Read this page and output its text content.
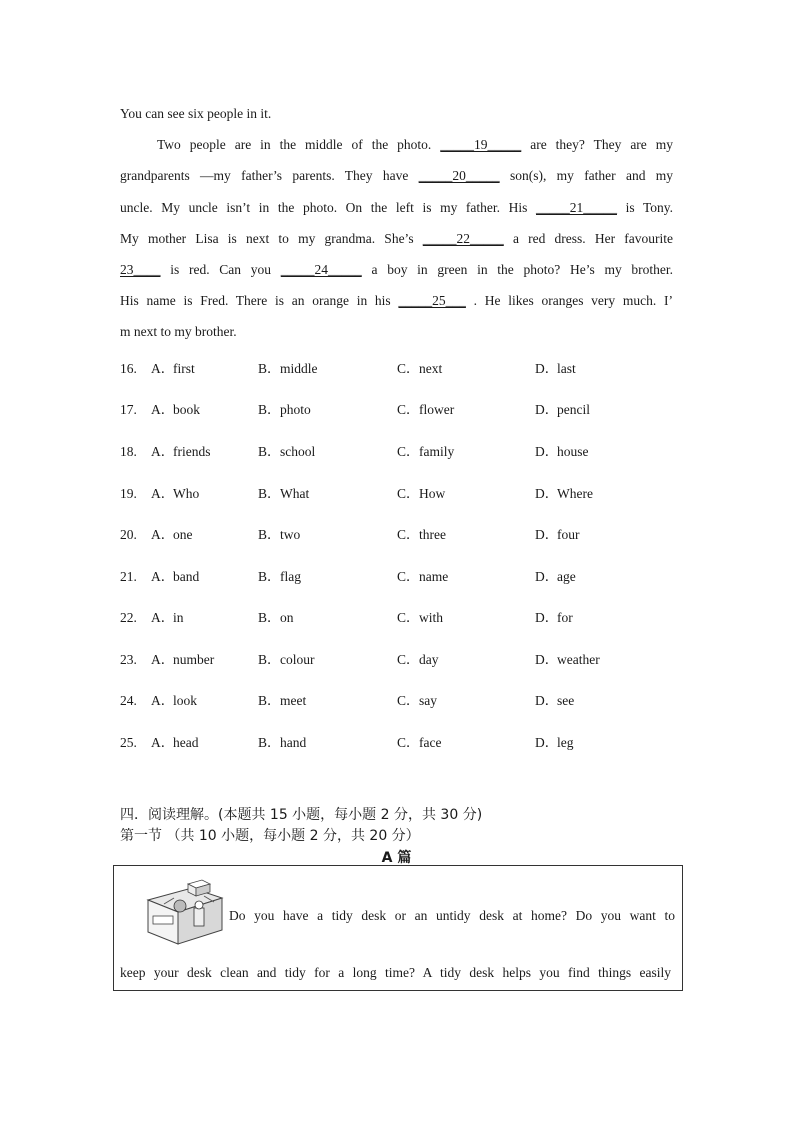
You can see six people in it.
Two people are in the middle of the photo. _____19_____ are they? They are my
grandparents —my father’s parents. They have _____20_____ son(s), my father and my
uncle. My uncle isn’t in the photo. On the left is my father. His _____21_____ is Tony.
My mother Lisa is next to my grandma. She’s _____22_____ a red dress. Her favourite
23____ is red. Can you _____24_____ a boy in green in the photo? He’s my brother.
His name is Fred. There is an orange in his _____25___ . He likes oranges very much. I’
m next to my brother.
16. A．first	B．middle	C．next	D．last
17. A．book	B．photo	C．flower	D．pencil
18. A．friends	B．school	C．family	D．house
19. A．Who	B．What	C．How	D．Where
20. A．one	B．two	C．three	D．four
21. A．band	B．flag	C．name	D．age
22. A．in	B．on	C．with	D．for
23. A．number	B．colour	C．day	D．weather
24. A．look	B．meet	C．say	D．see
25. A．head	B．hand	C．face	D．leg
四．阅读理解。(本题共 15 小题，每小题 2 分，共 30 分)
第一节 （共 10 小题，每小题 2 分，共 20 分）
A 篇
Do you have a tidy desk or an untidy desk at home? Do you want to
keep your desk clean and tidy for a long time? A tidy desk helps you find things easily
